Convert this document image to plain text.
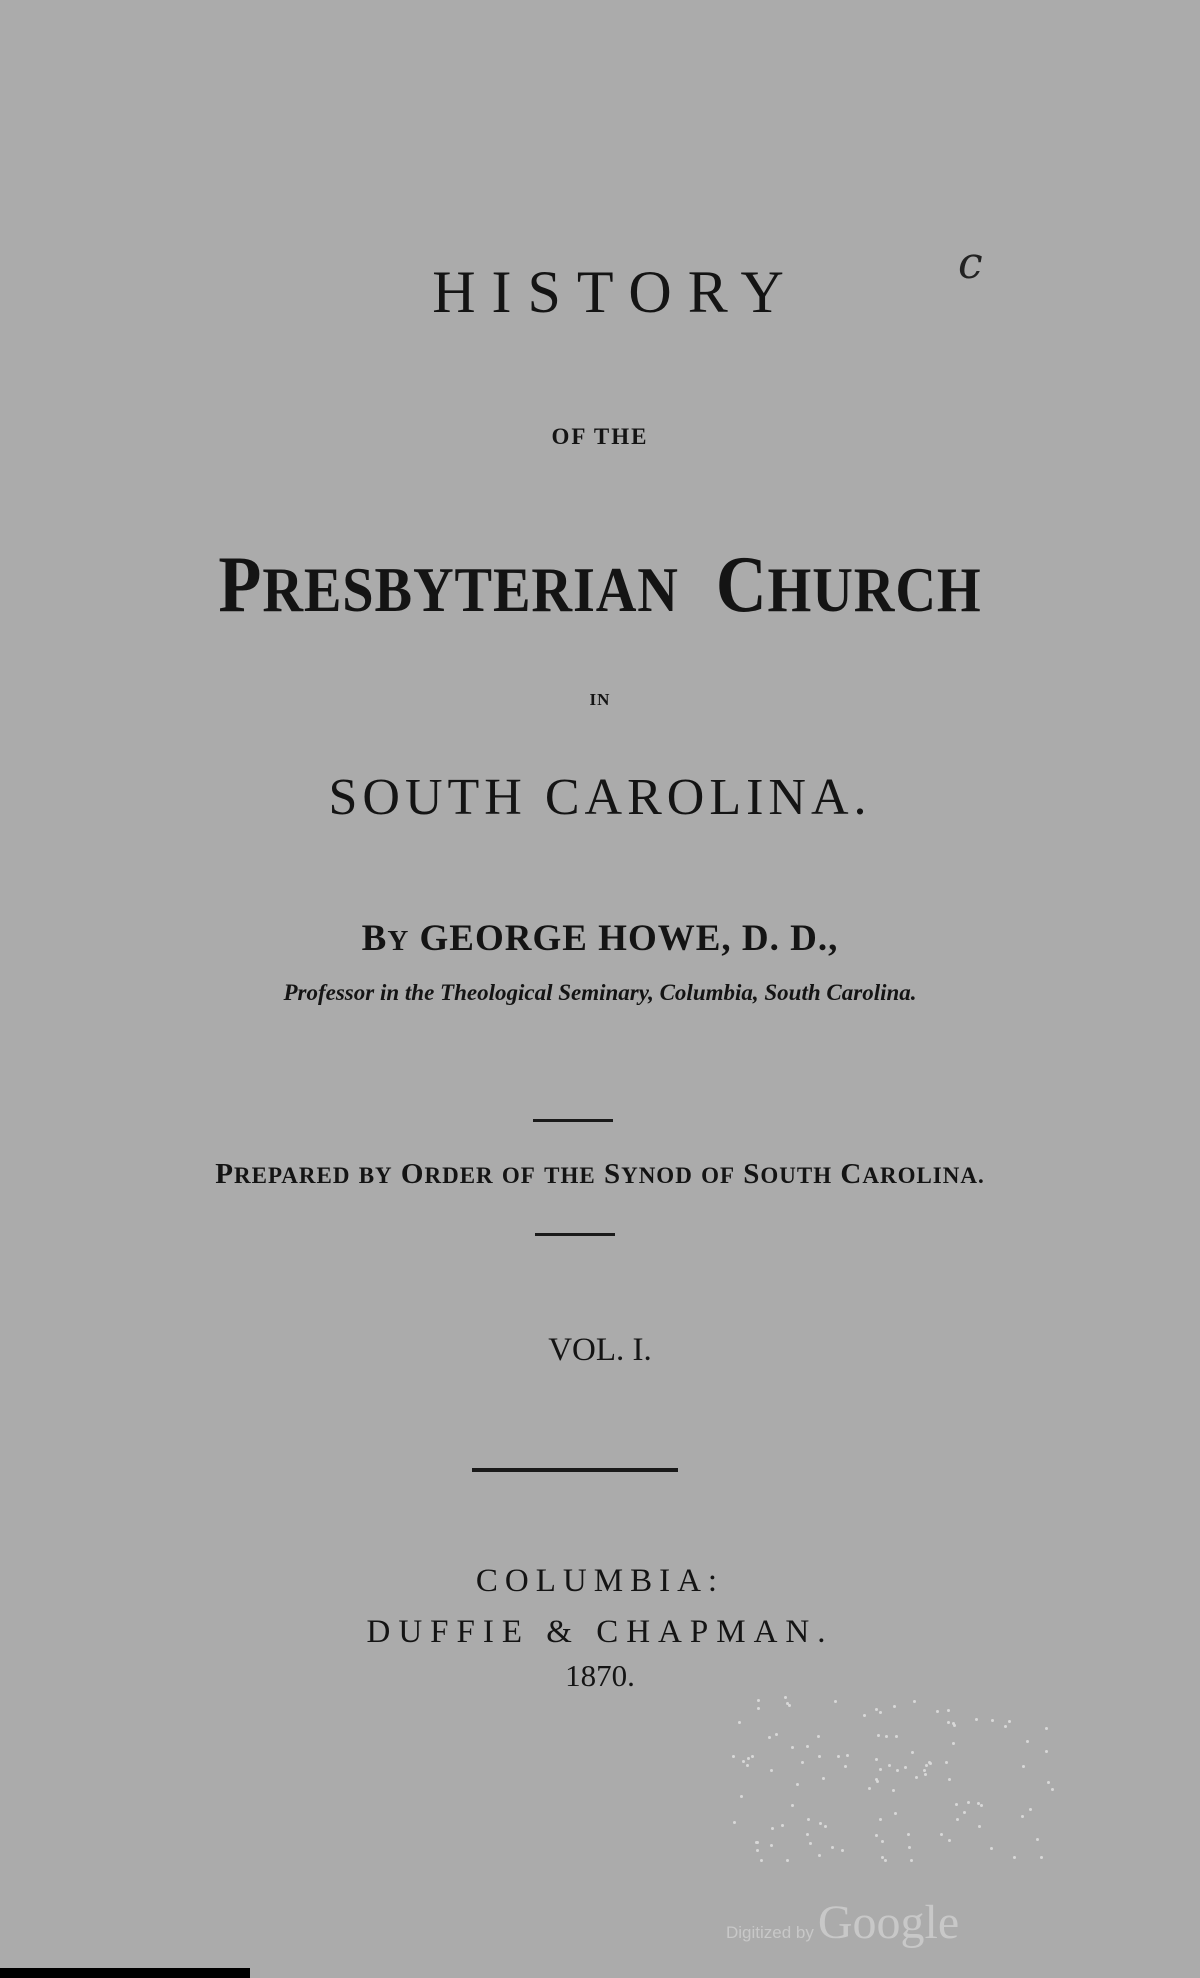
HISTORY	c
OF THE
PRESBYTERIAN CHURCH
IN
SOUTH CAROLINA.
BY GEORGE HOWE, D. D.,
Professor in the Theological Seminary, Columbia, South Carolina.
PREPARED BY ORDER OF THE SYNOD OF SOUTH CAROLINA.
VOL. I.
COLUMBIA:
DUFFIE & CHAPMAN.
1870.
Digitized by Google
